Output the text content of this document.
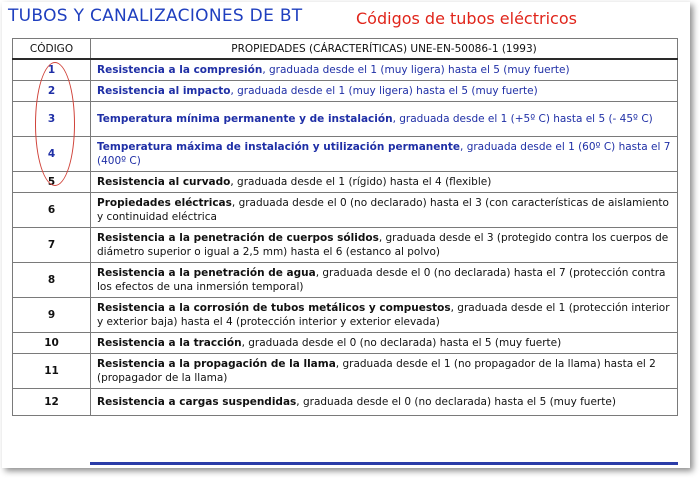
TUBOS Y CANALIZACIONES DE BT	Códigos de tubos eléctricos
CÓDIGO	PROPIEDADES (CÁRACTERÍTICAS) UNE-EN-50086-1 (1993)
1	Resistencia a la compresión, graduada desde el 1 (muy ligera) hasta el 5 (muy fuerte)
2	Resistencia al impacto, graduada desde el 1 (muy ligera) hasta el 5 (muy fuerte)
3	Temperatura mínima permanente y de instalación, graduada desde el 1 (+5º C) hasta el 5 (- 45º C)
4	Temperatura máxima de instalación y utilización permanente, graduada desde el 1 (60º C) hasta el 7 (400º C)
5	Resistencia al curvado, graduada desde el 1 (rígido) hasta el 4 (flexible)
6	Propiedades eléctricas, graduada desde el 0 (no declarado) hasta el 3 (con características de aislamiento y continuidad eléctrica
7	Resistencia a la penetración de cuerpos sólidos, graduada desde el 3 (protegido contra los cuerpos de diámetro superior o igual a 2,5 mm) hasta el 6 (estanco al polvo)
8	Resistencia a la penetración de agua, graduada desde el 0 (no declarada) hasta el 7 (protección contra los efectos de una inmersión temporal)
9	Resistencia a la corrosión de tubos metálicos y compuestos, graduada desde el 1 (protección interior y exterior baja) hasta el 4 (protección interior y exterior elevada)
10	Resistencia a la tracción, graduada desde el 0 (no declarada) hasta el 5 (muy fuerte)
11	Resistencia a la propagación de la llama, graduada desde el 1 (no propagador de la llama) hasta el 2 (propagador de la llama)
12	Resistencia a cargas suspendidas, graduada desde el 0 (no declarada) hasta el 5 (muy fuerte)
